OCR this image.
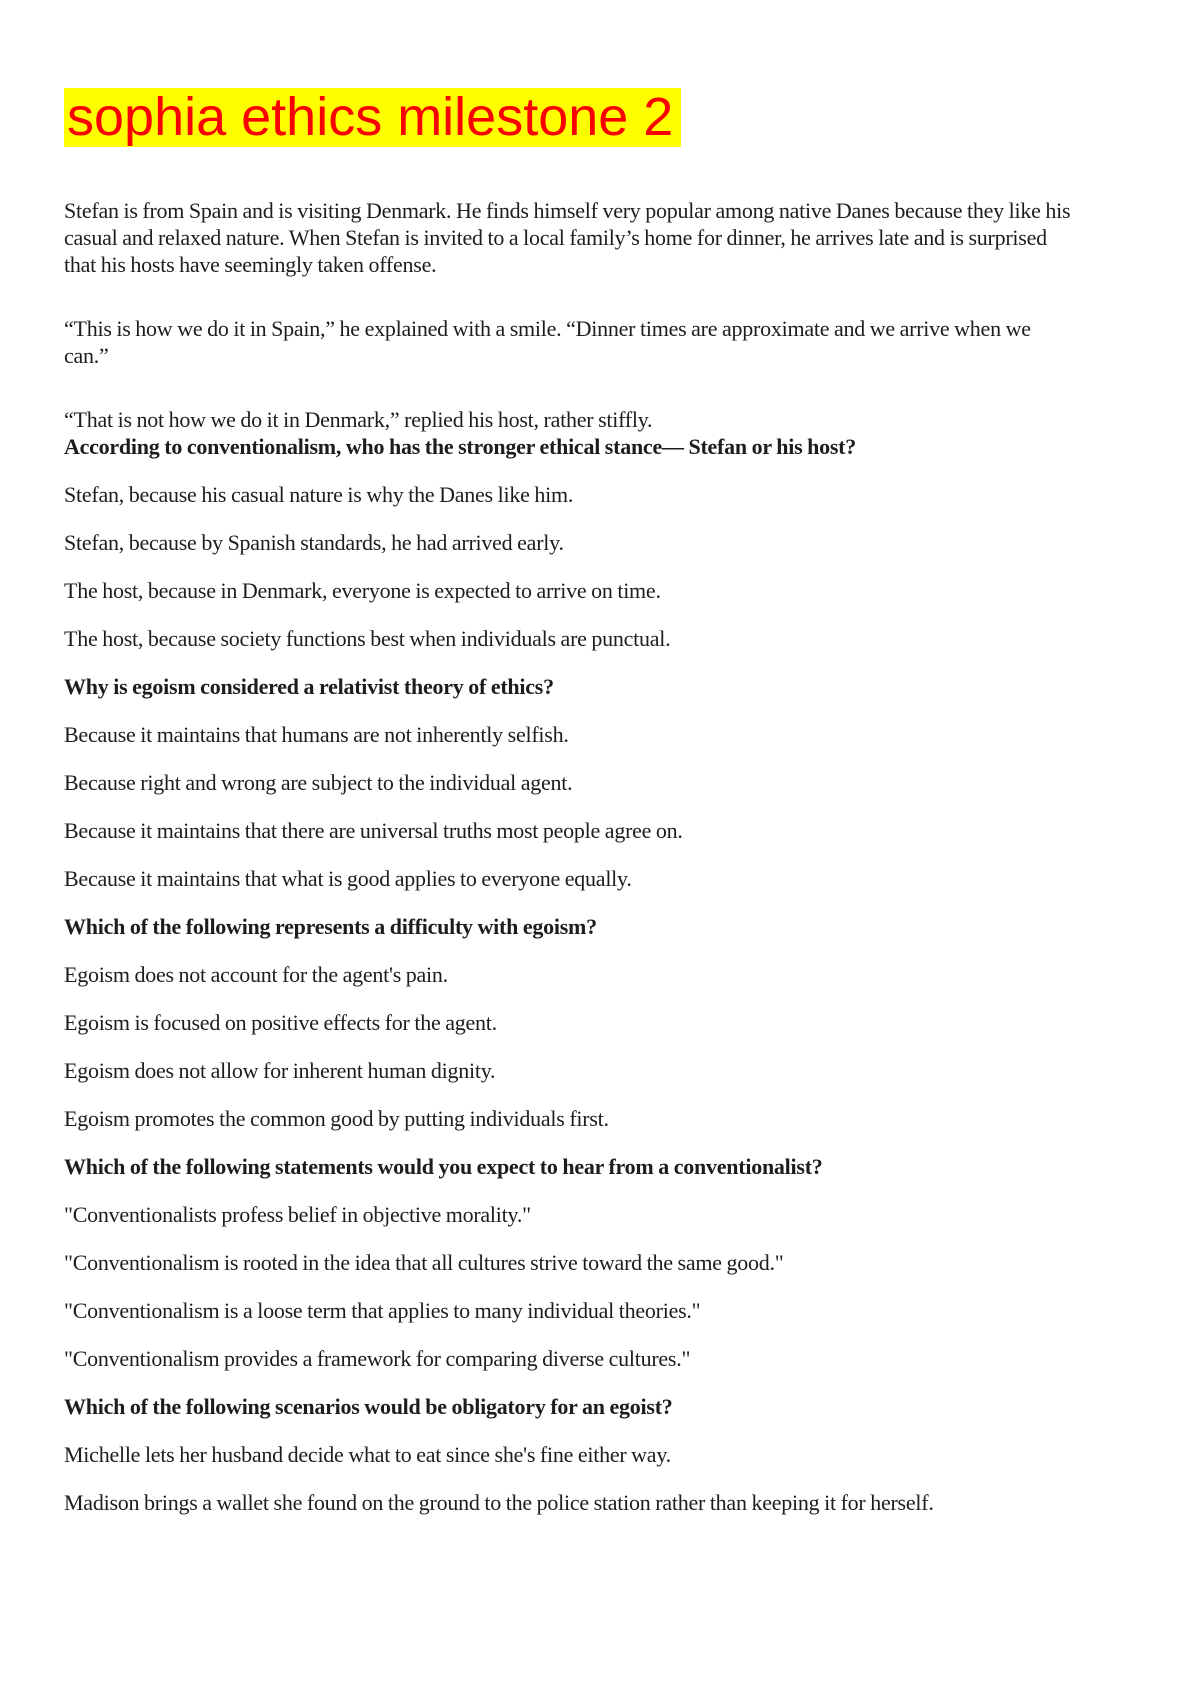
sophia ethics milestone 2

Stefan is from Spain and is visiting Denmark. He finds himself very popular among native Danes because they like his casual and relaxed nature. When Stefan is invited to a local family’s home for dinner, he arrives late and is surprised that his hosts have seemingly taken offense.

“This is how we do it in Spain,” he explained with a smile. “Dinner times are approximate and we arrive when we can.”

“That is not how we do it in Denmark,” replied his host, rather stiffly.

According to conventionalism, who has the stronger ethical stance— Stefan or his host?

Stefan, because his casual nature is why the Danes like him.

Stefan, because by Spanish standards, he had arrived early.

The host, because in Denmark, everyone is expected to arrive on time.

The host, because society functions best when individuals are punctual.

Why is egoism considered a relativist theory of ethics?

Because it maintains that humans are not inherently selfish.

Because right and wrong are subject to the individual agent.

Because it maintains that there are universal truths most people agree on.

Because it maintains that what is good applies to everyone equally.

Which of the following represents a difficulty with egoism?

Egoism does not account for the agent's pain.

Egoism is focused on positive effects for the agent.

Egoism does not allow for inherent human dignity.

Egoism promotes the common good by putting individuals first.

Which of the following statements would you expect to hear from a conventionalist?

"Conventionalists profess belief in objective morality."

"Conventionalism is rooted in the idea that all cultures strive toward the same good."

"Conventionalism is a loose term that applies to many individual theories."

"Conventionalism provides a framework for comparing diverse cultures."

Which of the following scenarios would be obligatory for an egoist?

Michelle lets her husband decide what to eat since she's fine either way.

Madison brings a wallet she found on the ground to the police station rather than keeping it for herself.
